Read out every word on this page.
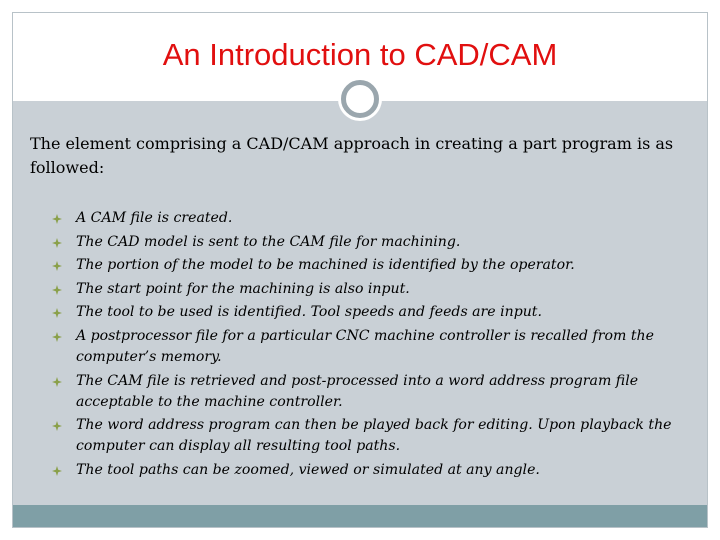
An Introduction to CAD/CAM
The element comprising a CAD/CAM approach in creating a part program is as followed:
A CAM file is created.
The CAD model is sent to the CAM file for machining.
The portion of the model to be machined is identified by the operator.
The start point for the machining is also input.
The tool to be used is identified. Tool speeds and feeds are input.
A postprocessor file for a particular CNC machine controller is recalled from the computer’s memory.
The CAM file is retrieved and post-processed into a word address program file acceptable to the machine controller.
The word address program can then be played back for editing. Upon playback the computer can display all resulting tool paths.
The tool paths can be zoomed, viewed or simulated at any angle.
